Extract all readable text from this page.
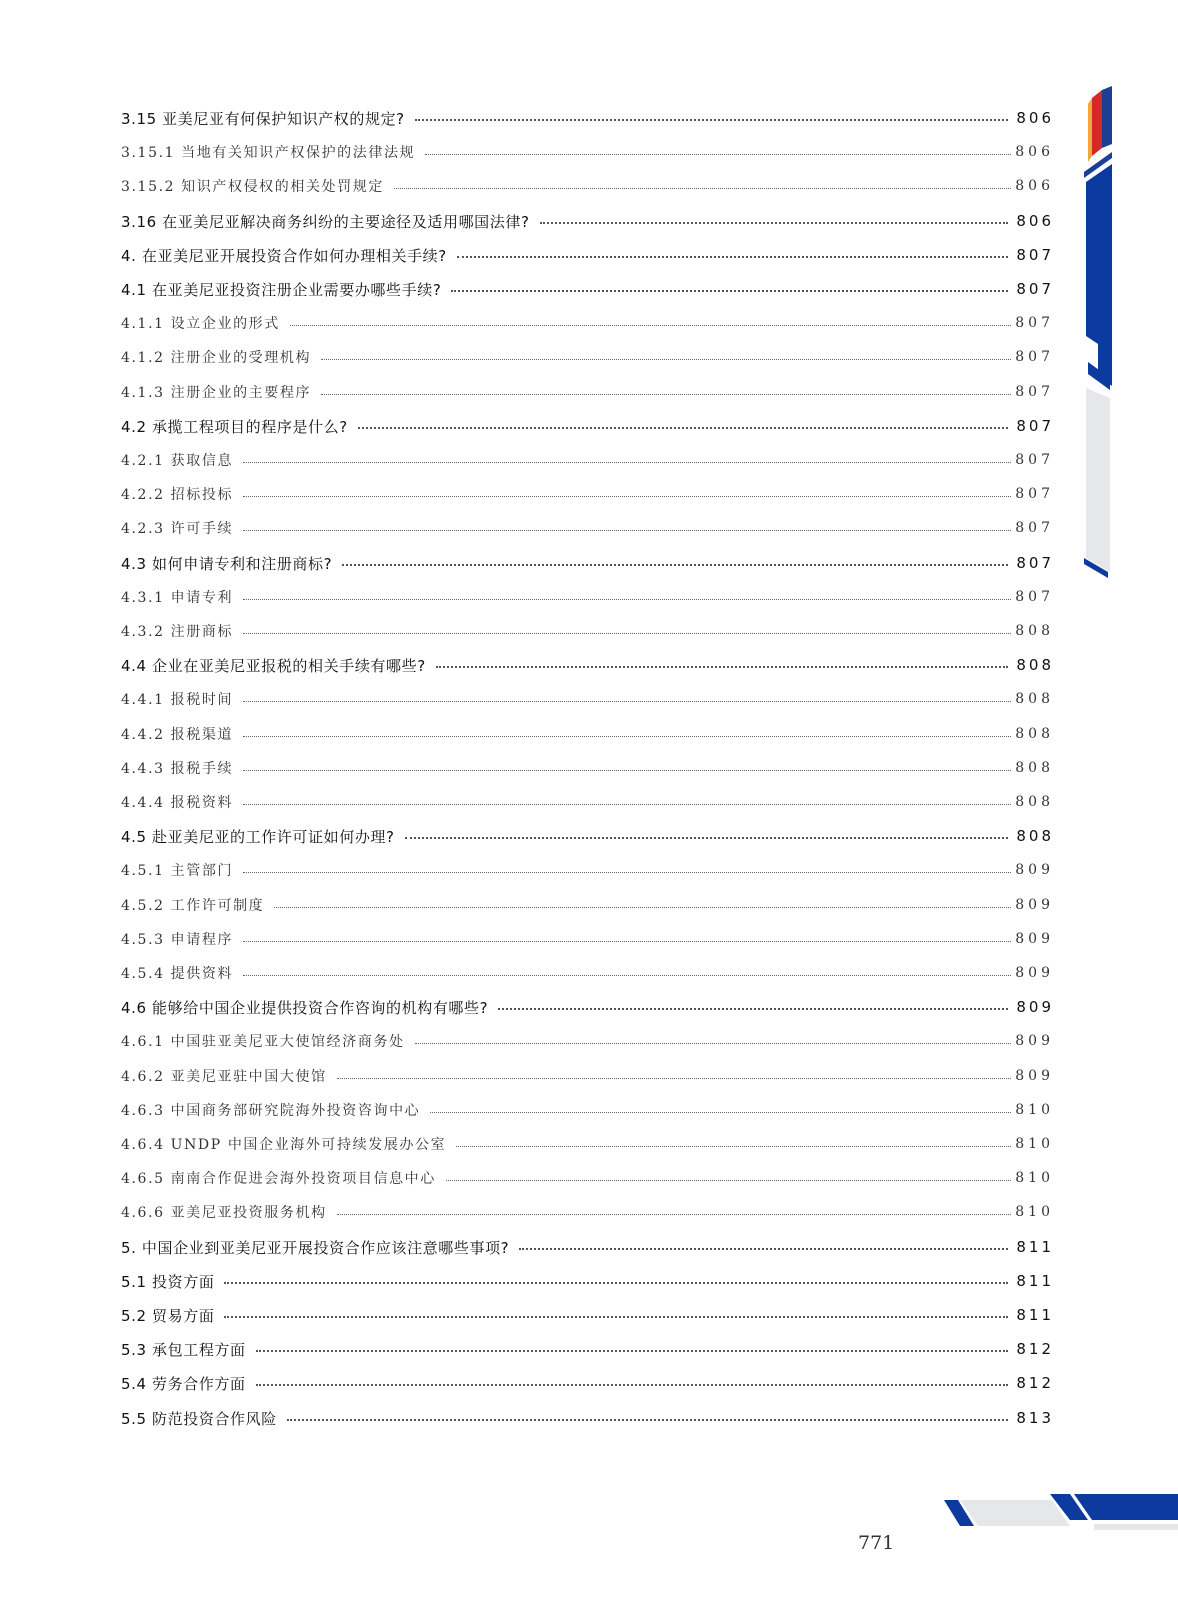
3.15 亚美尼亚有何保护知识产权的规定?	806
3.15.1 当地有关知识产权保护的法律法规	806
3.15.2 知识产权侵权的相关处罚规定	806
3.16 在亚美尼亚解决商务纠纷的主要途径及适用哪国法律?	806
4. 在亚美尼亚开展投资合作如何办理相关手续?	807
4.1 在亚美尼亚投资注册企业需要办哪些手续?	807
4.1.1 设立企业的形式	807
4.1.2 注册企业的受理机构	807
4.1.3 注册企业的主要程序	807
4.2 承揽工程项目的程序是什么?	807
4.2.1 获取信息	807
4.2.2 招标投标	807
4.2.3 许可手续	807
4.3 如何申请专利和注册商标?	807
4.3.1 申请专利	807
4.3.2 注册商标	808
4.4 企业在亚美尼亚报税的相关手续有哪些?	808
4.4.1 报税时间	808
4.4.2 报税渠道	808
4.4.3 报税手续	808
4.4.4 报税资料	808
4.5 赴亚美尼亚的工作许可证如何办理?	808
4.5.1 主管部门	809
4.5.2 工作许可制度	809
4.5.3 申请程序	809
4.5.4 提供资料	809
4.6 能够给中国企业提供投资合作咨询的机构有哪些?	809
4.6.1 中国驻亚美尼亚大使馆经济商务处	809
4.6.2 亚美尼亚驻中国大使馆	809
4.6.3 中国商务部研究院海外投资咨询中心	810
4.6.4 UNDP 中国企业海外可持续发展办公室	810
4.6.5 南南合作促进会海外投资项目信息中心	810
4.6.6 亚美尼亚投资服务机构	810
5. 中国企业到亚美尼亚开展投资合作应该注意哪些事项?	811
5.1 投资方面	811
5.2 贸易方面	811
5.3 承包工程方面	812
5.4 劳务合作方面	812
5.5 防范投资合作风险	813
771
